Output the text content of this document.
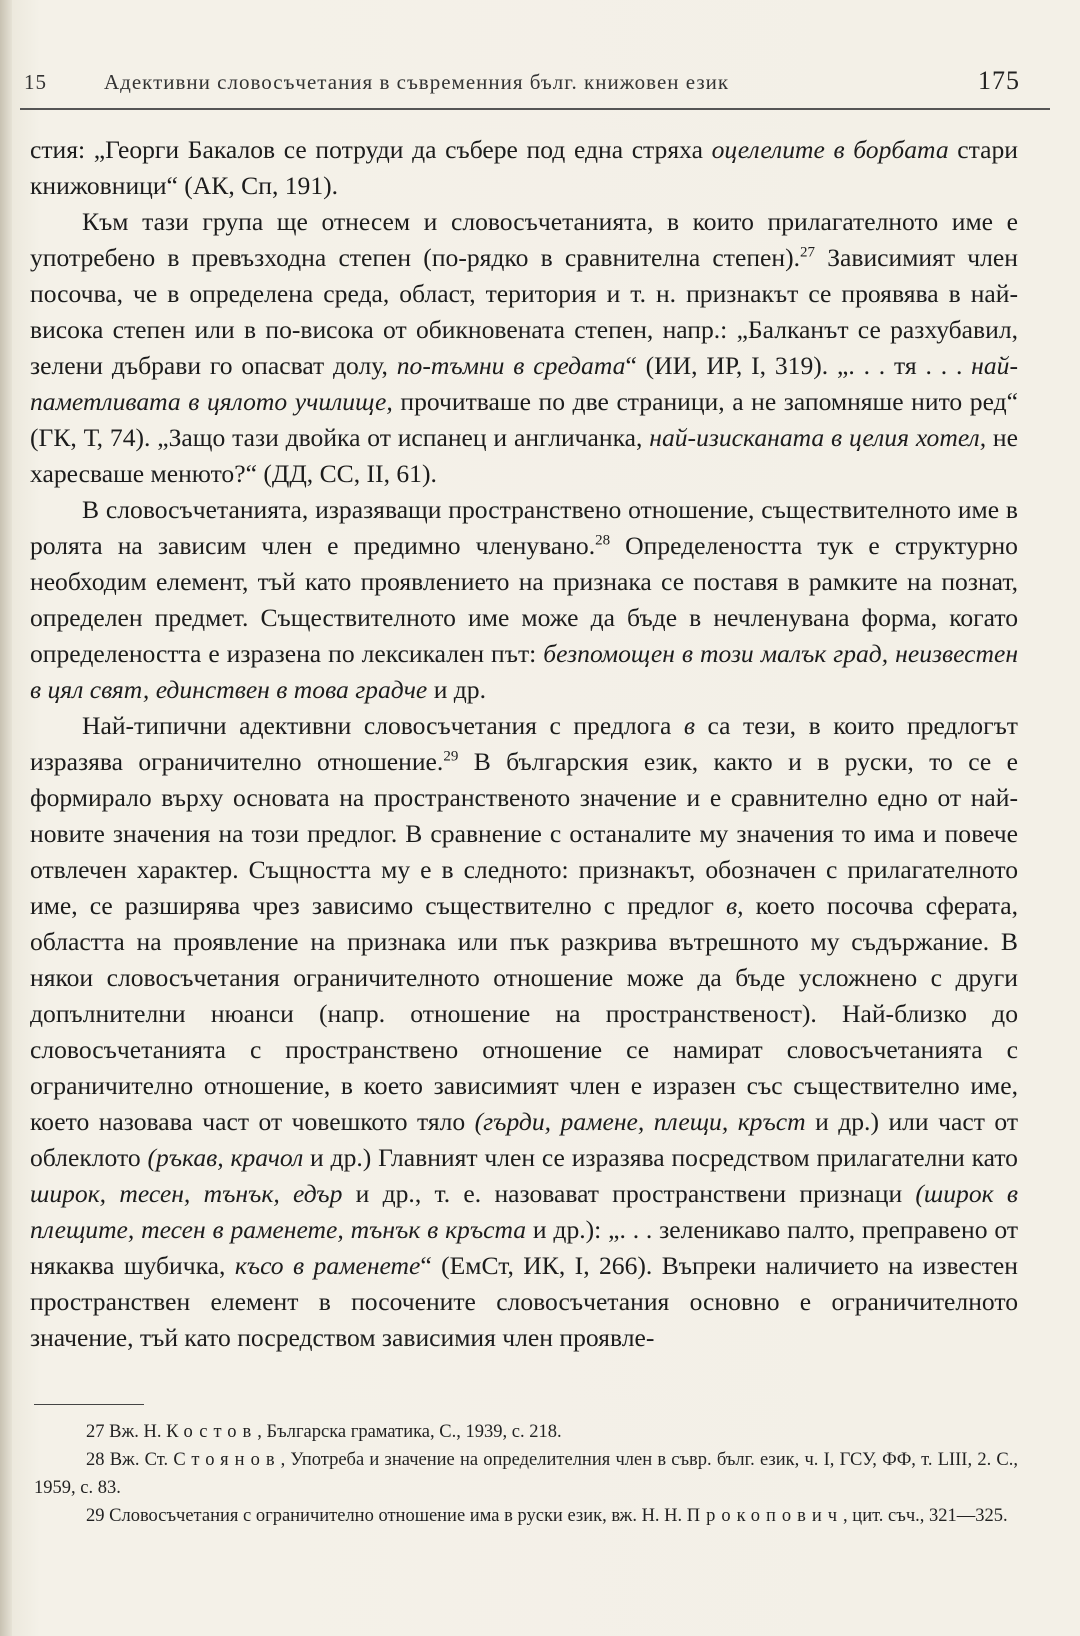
15	Адективни словосъчетания в съвременния бълг. книжовен език	175

стия: „Георги Бакалов се потруди да събере под една стряха оцелелите в борбата стари книжовници“ (АК, Сп, 191).

Към тази група ще отнесем и словосъчетанията, в които прилагателното име е употребено в превъзходна степен (по-рядко в сравнителна степен).$^{27}$ Зависимият член посочва, че в определена среда, област, територия и т. н. признакът се проявява в най-висока степен или в по-висока от обикновената степен, напр.: „Балканът се разхубавил, зелени дъбрави го опасват долу, по-тъмни в средата“ (ИИ, ИР, I, 319). „. . . тя . . . най-паметливата в цялото училище, прочитваше по две страници, а не запомняше нито ред“ (ГК, Т, 74). „Защо тази двойка от испанец и англичанка, най-изисканата в целия хотел, не харесваше менюто?“ (ДД, СС, II, 61).

В словосъчетанията, изразяващи пространствено отношение, съществителното име в ролята на зависим член е предимно членувано.$^{28}$ Определеността тук е структурно необходим елемент, тъй като проявлението на признака се поставя в рамките на познат, определен предмет. Съществителното име може да бъде в нечленувана форма, когато определеността е изразена по лексикален път: безпомощен в този малък град, неизвестен в цял свят, единствен в това градче и др.

Най-типични адективни словосъчетания с предлога в са тези, в които предлогът изразява ограничително отношение.$^{29}$ В българския език, както и в руски, то се е формирало върху основата на пространственото значение и е сравнително едно от най-новите значения на този предлог. В сравнение с останалите му значения то има и повече отвлечен характер. Същността му е в следното: признакът, обозначен с прилагателното име, се разширява чрез зависимо съществително с предлог в, което посочва сферата, областта на проявление на признака или пък разкрива вътрешното му съдържание. В някои словосъчетания ограничителното отношение може да бъде усложнено с други допълнителни нюанси (напр. отношение на пространственост). Най-близко до словосъчетанията с пространствено отношение се намират словосъчетанията с ограничително отношение, в което зависимият член е изразен със съществително име, което назовава част от човешкото тяло (гърди, рамене, плещи, кръст и др.) или част от облеклото (ръкав, крачол и др.) Главният член се изразява посредством прилагателни като широк, тесен, тънък, едър и др., т. е. назовават пространствени признаци (широк в плещите, тесен в раменете, тънък в кръста и др.): „. . . зеленикаво палто, преправено от някаква шубичка, късо в раменете“ (ЕмСт, ИК, I, 266). Въпреки наличието на известен пространствен елемент в посочените словосъчетания основно е ограничителното значение, тъй като посредством зависимия член проявле-

27 Вж. Н. Костов, Българска граматика, С., 1939, с. 218.

28 Вж. Ст. Стоянов, Употреба и значение на определителния член в съвр. бълг. език, ч. I, ГСУ, ФФ, т. LIII, 2. С., 1959, с. 83.

29 Словосъчетания с ограничително отношение има в руски език, вж. Н. Н. Прокопович, цит. съч., 321—325.
